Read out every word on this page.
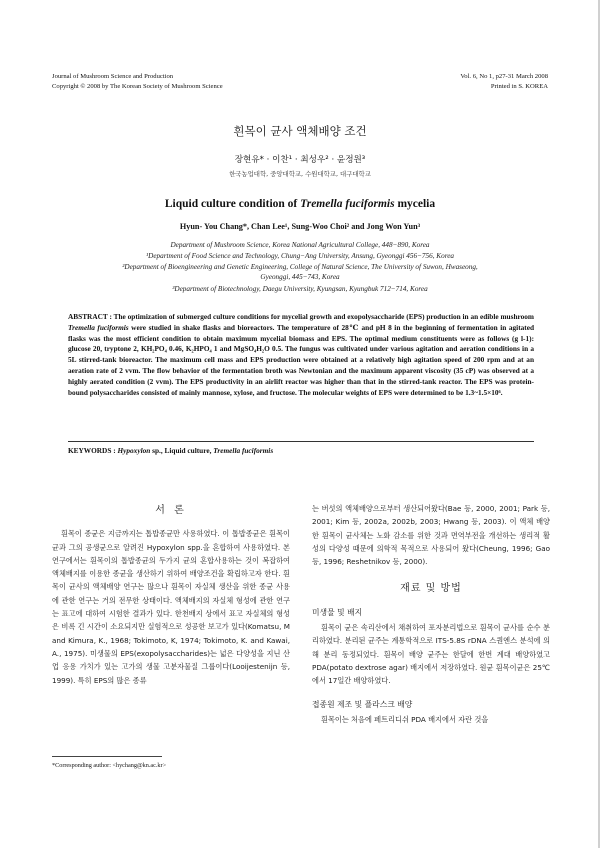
Journal of Mushroom Science and Production
Copyright © 2008 by The Korean Society of Mushroom Science
Vol. 6, No 1, p27-31 March 2008
Printed in S. KOREA
흰목이 균사 액체배양 조건
장현유* · 이찬¹ · 최성우² · 윤정원³
한국농업대학, 중앙대학교, 수원대학교, 대구대학교
Liquid culture condition of Tremella fuciformis mycelia
Hyun- You Chang*, Chan Lee¹, Sung-Woo Choi² and Jong Won Yun³
Department of Mushroom Science, Korea National Agricultural College, 448−890, Korea
¹Department of Food Science and Technology, Chung−Ang University, Ansung, Gyeonggi 456−756, Korea
²Department of Bioengineering and Genetic Engineering, College of Natural Science, The University of Suwon, Hwaseong, Gyeonggi, 445−743, Korea
³Department of Biotechnology, Daegu University, Kyungsan, Kyungbuk 712−714, Korea
ABSTRACT : The optimization of submerged culture conditions for mycelial growth and exopolysaccharide (EPS) production in an edible mushroom Tremella fuciformis were studied in shake flasks and bioreactors. The temperature of 28℃ and pH 8 in the beginning of fermentation in agitated flasks was the most efficient condition to obtain maximum mycelial biomass and EPS. The optimal medium constituents were as follows (g l-1): glucose 20, tryptone 2, KH₂PO₄ 0.46, K₂HPO₄ 1 and MgSO₄H₂O 0.5. The fungus was cultivated under various agitation and aeration conditions in a 5L stirred-tank bioreactor. The maximum cell mass and EPS production were obtained at a relatively high agitation speed of 200 rpm and at an aeration rate of 2 vvm. The flow behavior of the fermentation broth was Newtonian and the maximum apparent viscosity (35 cP) was observed at a highly aerated condition (2 vvm). The EPS productivity in an airlift reactor was higher than that in the stirred-tank reactor. The EPS was protein-bound polysaccharides consisted of mainly mannose, xylose, and fructose. The molecular weights of EPS were determined to be 1.3~1.5×10⁶.
KEYWORDS : Hypoxylon sp., Liquid culture, Tremella fuciformis
서 론

흰목이 종균은 지금까지는 톱밥종균만 사용하였다. 이 톱밥종균은 흰목이 균과 그의 공생균으로 알려진 Hypoxylon spp.을 혼합하여 사용하였다. 본 연구에서는 흰목이의 톱밥종균의 두가지 균의 혼합사용하는 것이 복잡하여 액체배지를 이용한 종균을 생산하기 위하여 배양조건을 확립하고자 한다. 흰목이 균사의 액체배양 연구는 많으나 흰목이 자실체 생산을 위한 종균 사용에 관한 연구는 거의 전무한 상태이다. 액체배지의 자실체 형성에 관한 연구는 표고에 대하여 시험한 결과가 있다. 한천배지 상에서 표고 자실체의 형성은 비록 긴 시간이 소요되지만 실험적으로 성공한 보고가 있다(Komatsu, M and Kimura, K., 1968; Tokimoto, K, 1974; Tokimoto, K. and Kawai, A., 1975). 미생물의 EPS(exopolysaccharides)는 넓은 다양성을 지닌 산업 응용 가치가 있는 고가의 생물 고분자물질 그룹이다(Looijestenijn 등, 1999). 특히 EPS의 많은 종류

는 버섯의 액체배양으로부터 생산되어왔다(Bae 등, 2000, 2001; Park 등, 2001; Kim 등, 2002a, 2002b, 2003; Hwang 등, 2003). 이 액체 배양한 흰목이 균사체는 노화 감소를 위한 것과 면역부전을 개선하는 생리적 활성의 다양성 때문에 의학적 목적으로 사용되어 왔다(Cheung, 1996; Gao 등, 1996; Reshetnikov 등, 2000).

재료 및 방법
미생물 및 배지

흰목이 균은 속리산에서 채취하여 포자분리법으로 흰목이 균사를 순수 분리하였다. 분리된 균주는 계통학적으로 ITS-5.8S rDNA 스퀀엔스 분석에 의해 분리 동정되었다. 흰목이 배양 균주는 한달에 한번 계대 배양하였고 PDA(potato dextrose agar) 배지에서 저장하였다. 원균 흰목이균은 25℃에서 17일간 배양하였다.

접종원 제조 및 플라스크 배양

흰목이는 처음에 페트리디쉬 PDA 배지에서 자란 것을

*Corresponding author: <hychang@kn.ac.kr>
